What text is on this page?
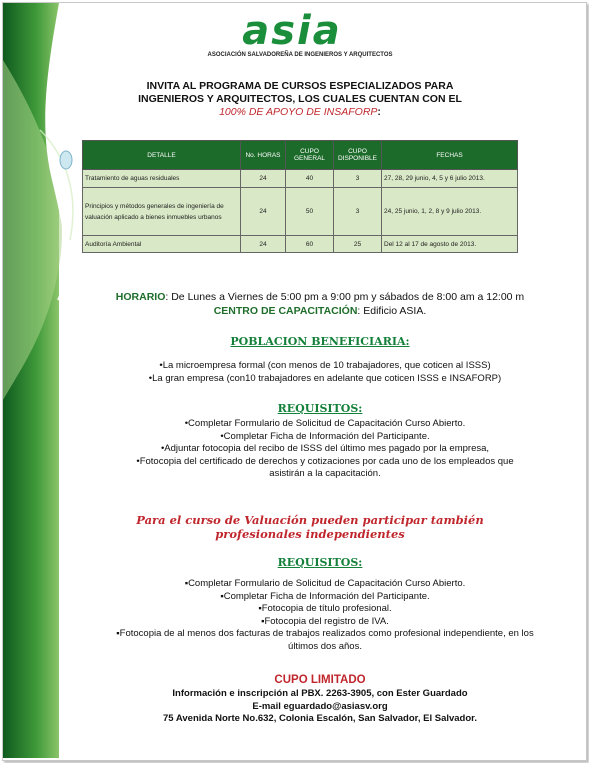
asia
ASOCIACIÓN SALVADOREÑA DE INGENIEROS Y ARQUITECTOS
INVITA AL PROGRAMA DE CURSOS ESPECIALIZADOS PARA
INGENIEROS Y ARQUITECTOS, LOS CUALES CUENTAN CON EL
100% DE APOYO DE INSAFORP:
DETALLE	No. HORAS	CUPO GENERAL	CUPO DISPONIBLE	FECHAS
Tratamiento de aguas residuales	24	40	3	27, 28, 29 junio, 4, 5 y 6 julio 2013.
Principios y métodos generales de ingeniería de valuación aplicado a bienes inmuebles urbanos	24	50	3	24, 25 junio, 1, 2, 8 y 9 julio 2013.
Auditoría Ambiental	24	60	25	Del 12 al 17 de agosto de 2013.
HORARIO: De Lunes a Viernes de 5:00 pm a 9:00 pm y sábados de 8:00 am a 12:00 m
CENTRO DE CAPACITACIÓN: Edificio ASIA.
POBLACION BENEFICIARIA:
•La microempresa formal (con menos de 10 trabajadores, que coticen al ISSS)
•La gran empresa (con10 trabajadores en adelante que coticen ISSS e INSAFORP)
REQUISITOS:
•Completar Formulario de Solicitud de Capacitación Curso Abierto.
•Completar Ficha de Información del Participante.
•Adjuntar fotocopia del recibo de ISSS del último mes pagado por la empresa,
•Fotocopia del certificado de derechos y cotizaciones por cada uno de los empleados que
asistirán a la capacitación.
Para el curso de Valuación pueden participar también
profesionales independientes
REQUISITOS:
▪Completar Formulario de Solicitud de Capacitación Curso Abierto.
▪Completar Ficha de Información del Participante.
▪Fotocopia de título profesional.
▪Fotocopia del registro de IVA.
▪Fotocopia de al menos dos facturas de trabajos realizados como profesional independiente, en los
últimos dos años.
CUPO LIMITADO
Información e inscripción al PBX. 2263-3905, con Ester Guardado
E-mail eguardado@asiasv.org
75 Avenida Norte No.632, Colonia Escalón, San Salvador, El Salvador.
